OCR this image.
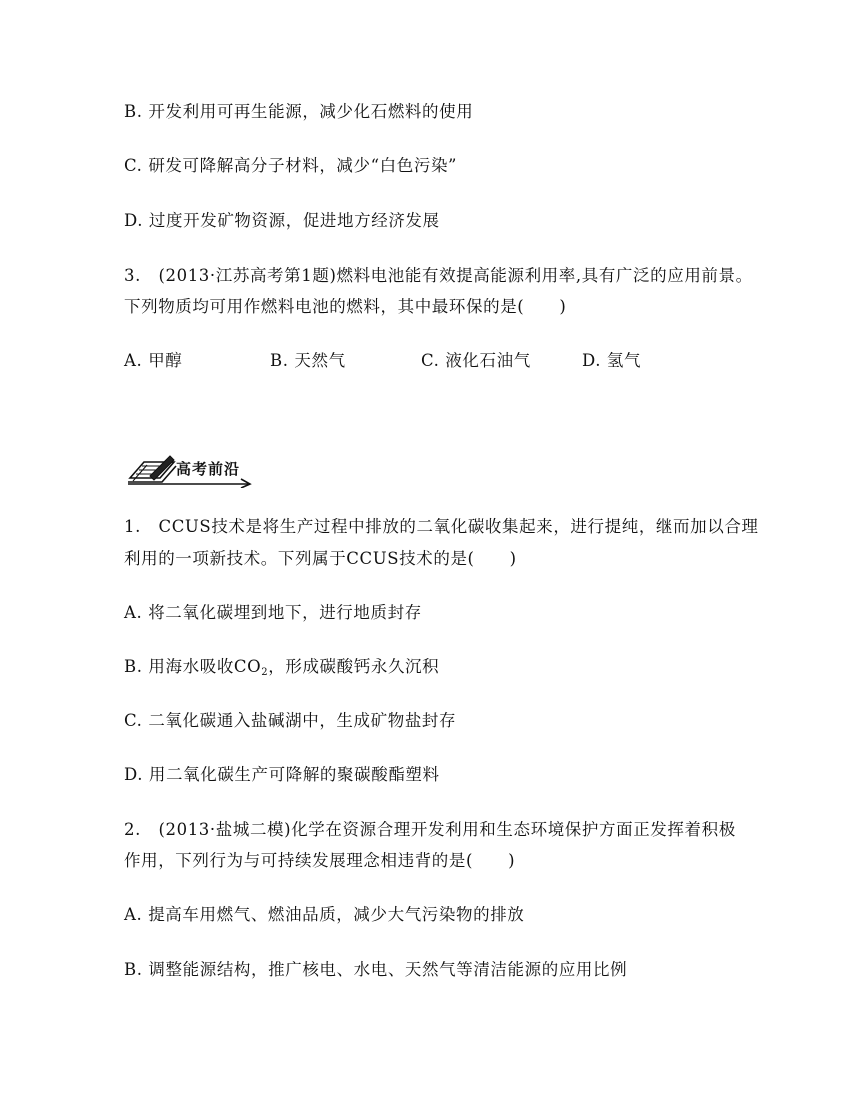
B. 开发利用可再生能源，减少化石燃料的使用
C. 研发可降解高分子材料，减少“白色污染”
D. 过度开发矿物资源，促进地方经济发展
3.   (2013·江苏高考第1题)燃料电池能有效提高能源利用率,具有广泛的应用前景。
下列物质均可用作燃料电池的燃料，其中最环保的是(      )
A. 甲醇	B. 天然气	C. 液化石油气	D. 氢气
高考前沿
1.   CCUS技术是将生产过程中排放的二氧化碳收集起来，进行提纯，继而加以合理
利用的一项新技术。下列属于CCUS技术的是(      )
A. 将二氧化碳埋到地下，进行地质封存
B. 用海水吸收$CO_2$，形成碳酸钙永久沉积
C. 二氧化碳通入盐碱湖中，生成矿物盐封存
D. 用二氧化碳生产可降解的聚碳酸酯塑料
2.   (2013·盐城二模)化学在资源合理开发利用和生态环境保护方面正发挥着积极
作用，下列行为与可持续发展理念相违背的是(      )
A. 提高车用燃气、燃油品质，减少大气污染物的排放
B. 调整能源结构，推广核电、水电、天然气等清洁能源的应用比例
